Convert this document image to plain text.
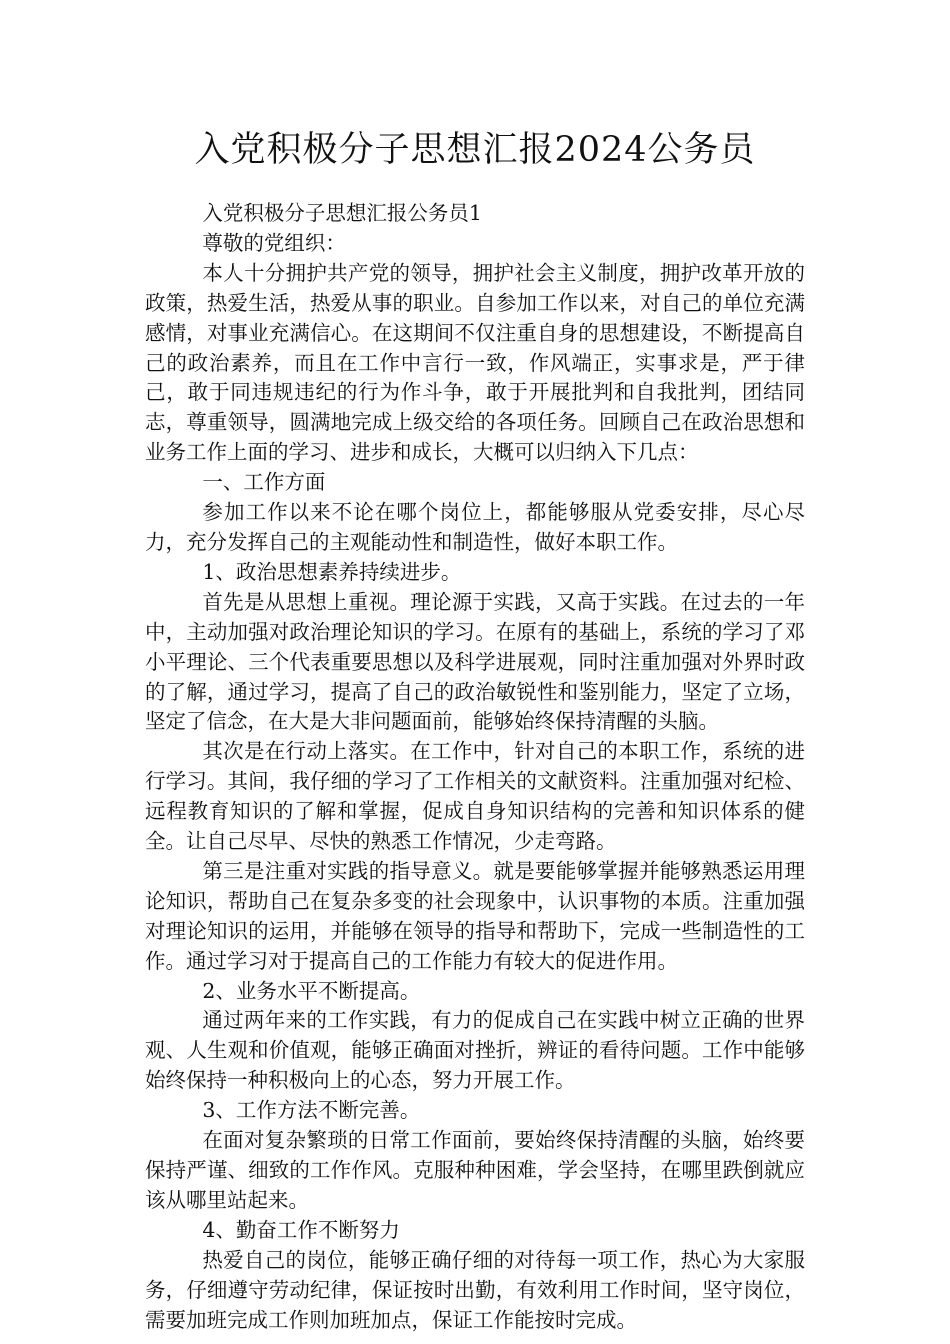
入党积极分子思想汇报2024公务员

入党积极分子思想汇报公务员1

尊敬的党组织：

本人十分拥护共产党的领导，拥护社会主义制度，拥护改革开放的政策，热爱生活，热爱从事的职业。自参加工作以来，对自己的单位充满感情，对事业充满信心。在这期间不仅注重自身的思想建设，不断提高自己的政治素养，而且在工作中言行一致，作风端正，实事求是，严于律己，敢于同违规违纪的行为作斗争，敢于开展批判和自我批判，团结同志，尊重领导，圆满地完成上级交给的各项任务。回顾自己在政治思想和业务工作上面的学习、进步和成长，大概可以归纳入下几点：

一、工作方面

参加工作以来不论在哪个岗位上，都能够服从党委安排，尽心尽力，充分发挥自己的主观能动性和制造性，做好本职工作。

1、政治思想素养持续进步。

首先是从思想上重视。理论源于实践，又高于实践。在过去的一年中，主动加强对政治理论知识的学习。在原有的基础上，系统的学习了邓小平理论、三个代表重要思想以及科学进展观，同时注重加强对外界时政的了解，通过学习，提高了自己的政治敏锐性和鉴别能力，坚定了立场，坚定了信念，在大是大非问题面前，能够始终保持清醒的头脑。

其次是在行动上落实。在工作中，针对自己的本职工作，系统的进行学习。其间，我仔细的学习了工作相关的文献资料。注重加强对纪检、远程教育知识的了解和掌握，促成自身知识结构的完善和知识体系的健全。让自己尽早、尽快的熟悉工作情况，少走弯路。

第三是注重对实践的指导意义。就是要能够掌握并能够熟悉运用理论知识，帮助自己在复杂多变的社会现象中，认识事物的本质。注重加强对理论知识的运用，并能够在领导的指导和帮助下，完成一些制造性的工作。通过学习对于提高自己的工作能力有较大的促进作用。

2、业务水平不断提高。

通过两年来的工作实践，有力的促成自己在实践中树立正确的世界观、人生观和价值观，能够正确面对挫折，辨证的看待问题。工作中能够始终保持一种积极向上的心态，努力开展工作。

3、工作方法不断完善。

在面对复杂繁琐的日常工作面前，要始终保持清醒的头脑，始终要保持严谨、细致的工作作风。克服种种困难，学会坚持，在哪里跌倒就应该从哪里站起来。

4、勤奋工作不断努力

热爱自己的岗位，能够正确仔细的对待每一项工作，热心为大家服务，仔细遵守劳动纪律，保证按时出勤，有效利用工作时间，坚守岗位，需要加班完成工作则加班加点，保证工作能按时完成。
